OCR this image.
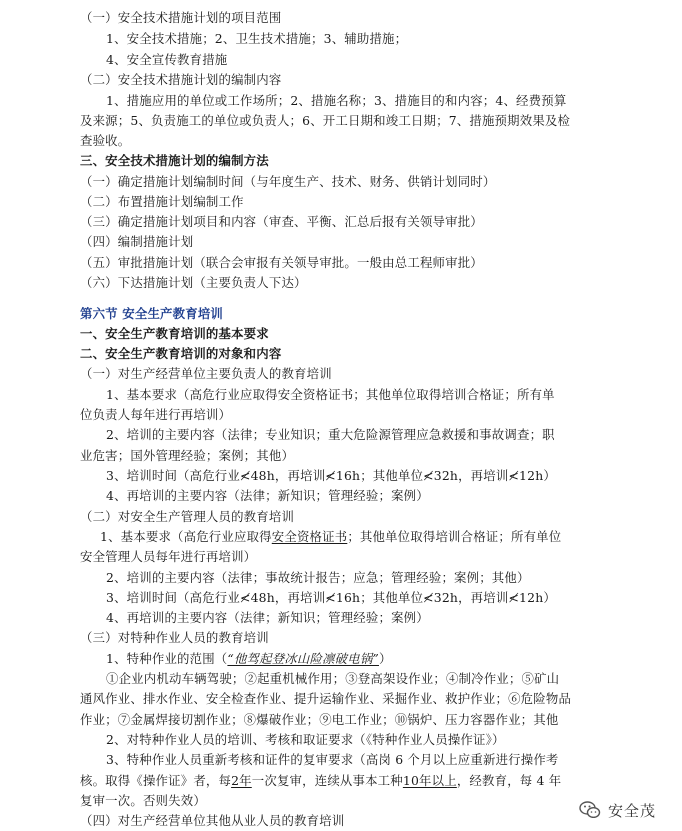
（一）安全技术措施计划的项目范围
1、安全技术措施；2、卫生技术措施；3、辅助措施；
4、安全宣传教育措施
（二）安全技术措施计划的编制内容
1、措施应用的单位或工作场所；2、措施名称；3、措施目的和内容；4、经费预算
及来源；5、负责施工的单位或负责人；6、开工日期和竣工日期；7、措施预期效果及检
查验收。
三、安全技术措施计划的编制方法
（一）确定措施计划编制时间（与年度生产、技术、财务、供销计划同时）
（二）布置措施计划编制工作
（三）确定措施计划项目和内容（审查、平衡、汇总后报有关领导审批）
（四）编制措施计划
（五）审批措施计划（联合会审报有关领导审批。一般由总工程师审批）
（六）下达措施计划（主要负责人下达）
第六节 安全生产教育培训
一、安全生产教育培训的基本要求
二、安全生产教育培训的对象和内容
（一）对生产经营单位主要负责人的教育培训
1、基本要求（高危行业应取得安全资格证书；其他单位取得培训合格证；所有单
位负责人每年进行再培训）
2、培训的主要内容（法律；专业知识；重大危险源管理应急救援和事故调查；职
业危害；国外管理经验；案例；其他）
3、培训时间（高危行业≮48h，再培训≮16h；其他单位≮32h，再培训≮12h）
4、再培训的主要内容（法律；新知识；管理经验；案例）
（二）对安全生产管理人员的教育培训
1、基本要求（高危行业应取得安全资格证书；其他单位取得培训合格证；所有单位
安全管理人员每年进行再培训）
2、培训的主要内容（法律；事故统计报告；应急；管理经验；案例；其他）
3、培训时间（高危行业≮48h，再培训≮16h；其他单位≮32h，再培训≮12h）
4、再培训的主要内容（法律；新知识；管理经验；案例）
（三）对特种作业人员的教育培训
1、特种作业的范围（“他驾起登冰山险凛破电锅”）
①企业内机动车辆驾驶；②起重机械作用；③登高架设作业；④制冷作业；⑤矿山
通风作业、排水作业、安全检查作业、提升运输作业、采掘作业、救护作业；⑥危险物品
作业；⑦金属焊接切割作业；⑧爆破作业；⑨电工作业；⑩锅炉、压力容器作业；其他
2、对特种作业人员的培训、考核和取证要求（《特种作业人员操作证》）
3、特种作业人员重新考核和证件的复审要求（高岗 6 个月以上应重新进行操作考
核。取得《操作证》者，每2年一次复审，连续从事本工种10年以上，经教育，每 4 年
复审一次。否则失效）
（四）对生产经营单位其他从业人员的教育培训
安全茂
